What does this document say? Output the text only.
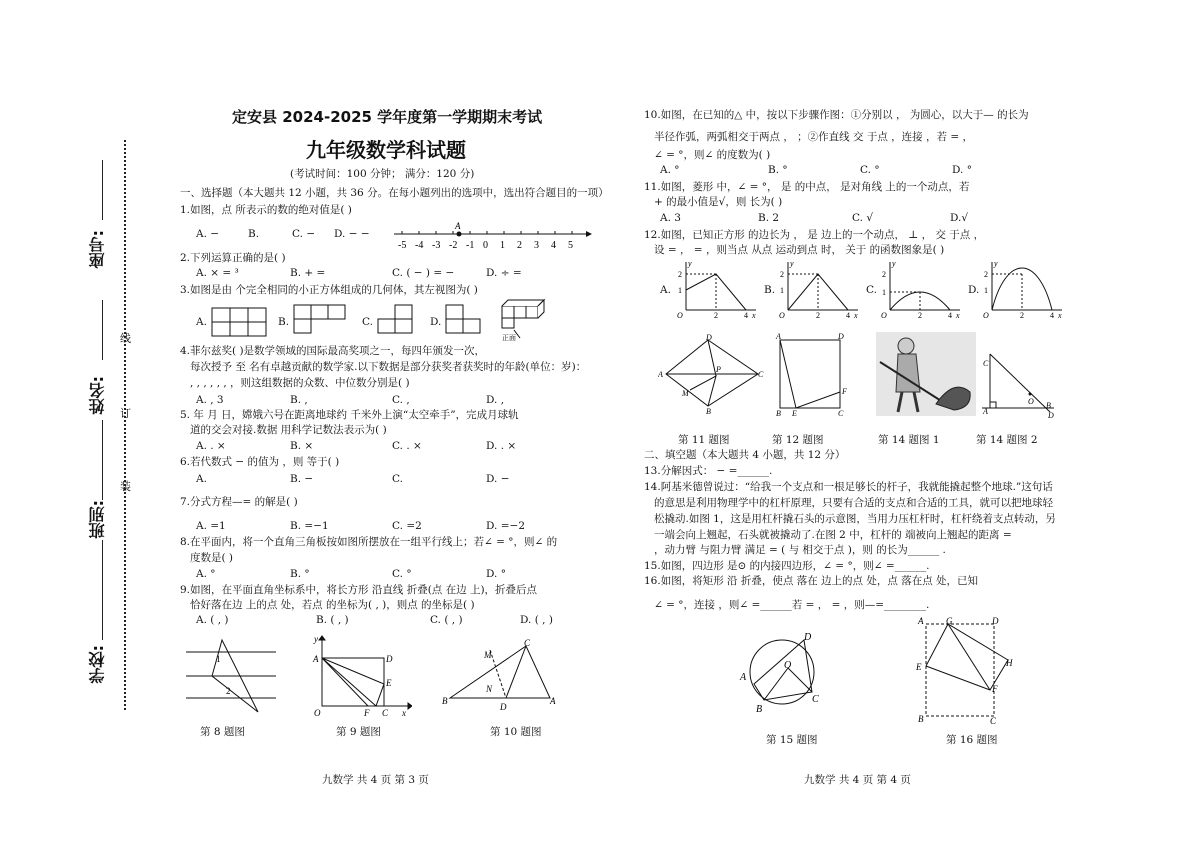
座号:
姓名:
班别:
学校:
线
订
装
定安县 2024-2025 学年度第一学期期末考试
九年级数学科试题
(考试时间：100 分钟； 满分：120 分)
一、选择题（本大题共 12 小题，共 36 分。在每小题列出的选项中，选出符合题目的一项）
1.如图，点 所表示的数的绝对值是( )
A. −	B.	C. − D. − −
-5 -4 -3 -2 -1 0 1 2 3 4 5
A
2.下列运算正确的是( )
A. × = ³	B. + =	C. ( − ) = −	D. ÷ =
3.如图是由 个完全相同的小正方体组成的几何体，其左视图为( )
A.	B.	C.	D.
正面
4.菲尔兹奖( )是数学领域的国际最高奖项之一，每四年颁发一次，
每次授予 至 名有卓越贡献的数学家.以下数据是部分获奖者获奖时的年龄(单位：岁)：
, , , , , , ，则这组数据的众数、中位数分别是( )
A. , 3	B. ,	C. ,	D. ,
5. 年 月 日，嫦娥六号在距离地球约 千米外上演“太空牵手”，完成月球轨
道的交会对接.数据 用科学记数法表示为( )
A. . ×	B. ×	C. . ×	D. . ×
6.若代数式 − 的值为 ，则 等于( )
A.	B. −	C.	D. −
7.分式方程—= 的解是( )
A. =1	B. =−1	C. =2	D. =−2
8.在平面内，将一个直角三角板按如图所摆放在一组平行线上；若∠ = °，则∠ 的
度数是( )
A. °	B. °	C. °	D. °
9.如图，在平面直角坐标系中，将长方形 沿直线 折叠(点 在边 上)，折叠后点
恰好落在边 上的点 处，若点 的坐标为( , )，则点 的坐标是( )
A. ( , )	B. ( , )	C. ( , )	D. ( , )
1
2
y
A	D
E
O	F C x
M
C
N
B
D
A
第 8 题图	第 9 题图	第 10 题图
九数学 共 4 页 第 3 页
10.如图，在已知的△ 中，按以下步骤作图：①分别以 ， 为圆心，以大于— 的长为
半径作弧，两弧相交于两点 ， ；②作直线 交 于点 ，连接 ，若 = ，
∠ = °，则∠ 的度数为( )
A. °	B. °	C. °	D. °
11.如图，菱形 中，∠ = °， 是 的中点， 是对角线 上的一个动点，若
+ 的最小值是√，则 长为( )
A. 3	B. 2	C. √	D.√
12.如图，已知正方形 的边长为 ， 是 边上的一个动点， ⊥ ， 交 于点 ，
设 = ， = ，则当点 从点 运动到点 时， 关于 的函数图象是( )
A.	B.	C.	D.
y
2
1
O	2	4 x
y
2
1
O	2	4 x
y
2
1
O	2	4 x
y
2
1
O	2	4 x
D
A	C
P
M
B
A	D
F
B E	C
C
A
O B
D
第 11 题图	第 12 题图	第 14 题图 1	第 14 题图 2
二、填空题（本大题共 4 小题，共 12 分）
13.分解因式： − =______.
14.阿基米德曾说过：“给我一个支点和一根足够长的杆子，我就能撬起整个地球.”这句话
的意思是利用物理学中的杠杆原理，只要有合适的支点和合适的工具，就可以把地球轻
松撬动.如图 1，这是用杠杆撬石头的示意图，当用力压杠杆时，杠杆绕着支点转动，另
一端会向上翘起，石头就被撬动了.在图 2 中，杠杆的 端被向上翘起的距离 =
，动力臂 与阻力臂 满足 = ( 与 相交于点 )，则 的长为______ .
15.如图，四边形 是⊙ 的内接四边形，∠ = °，则∠ =______.
16.如图，将矩形 沿 折叠，使点 落在 边上的点 处，点 落在点 处，已知
∠ = °，连接 ，则∠ =______若 = ， = ，则—=________.
D
O
A
C
B
A	G	D
E	H
F
B	C
第 15 题图	第 16 题图
九数学 共 4 页 第 4 页
